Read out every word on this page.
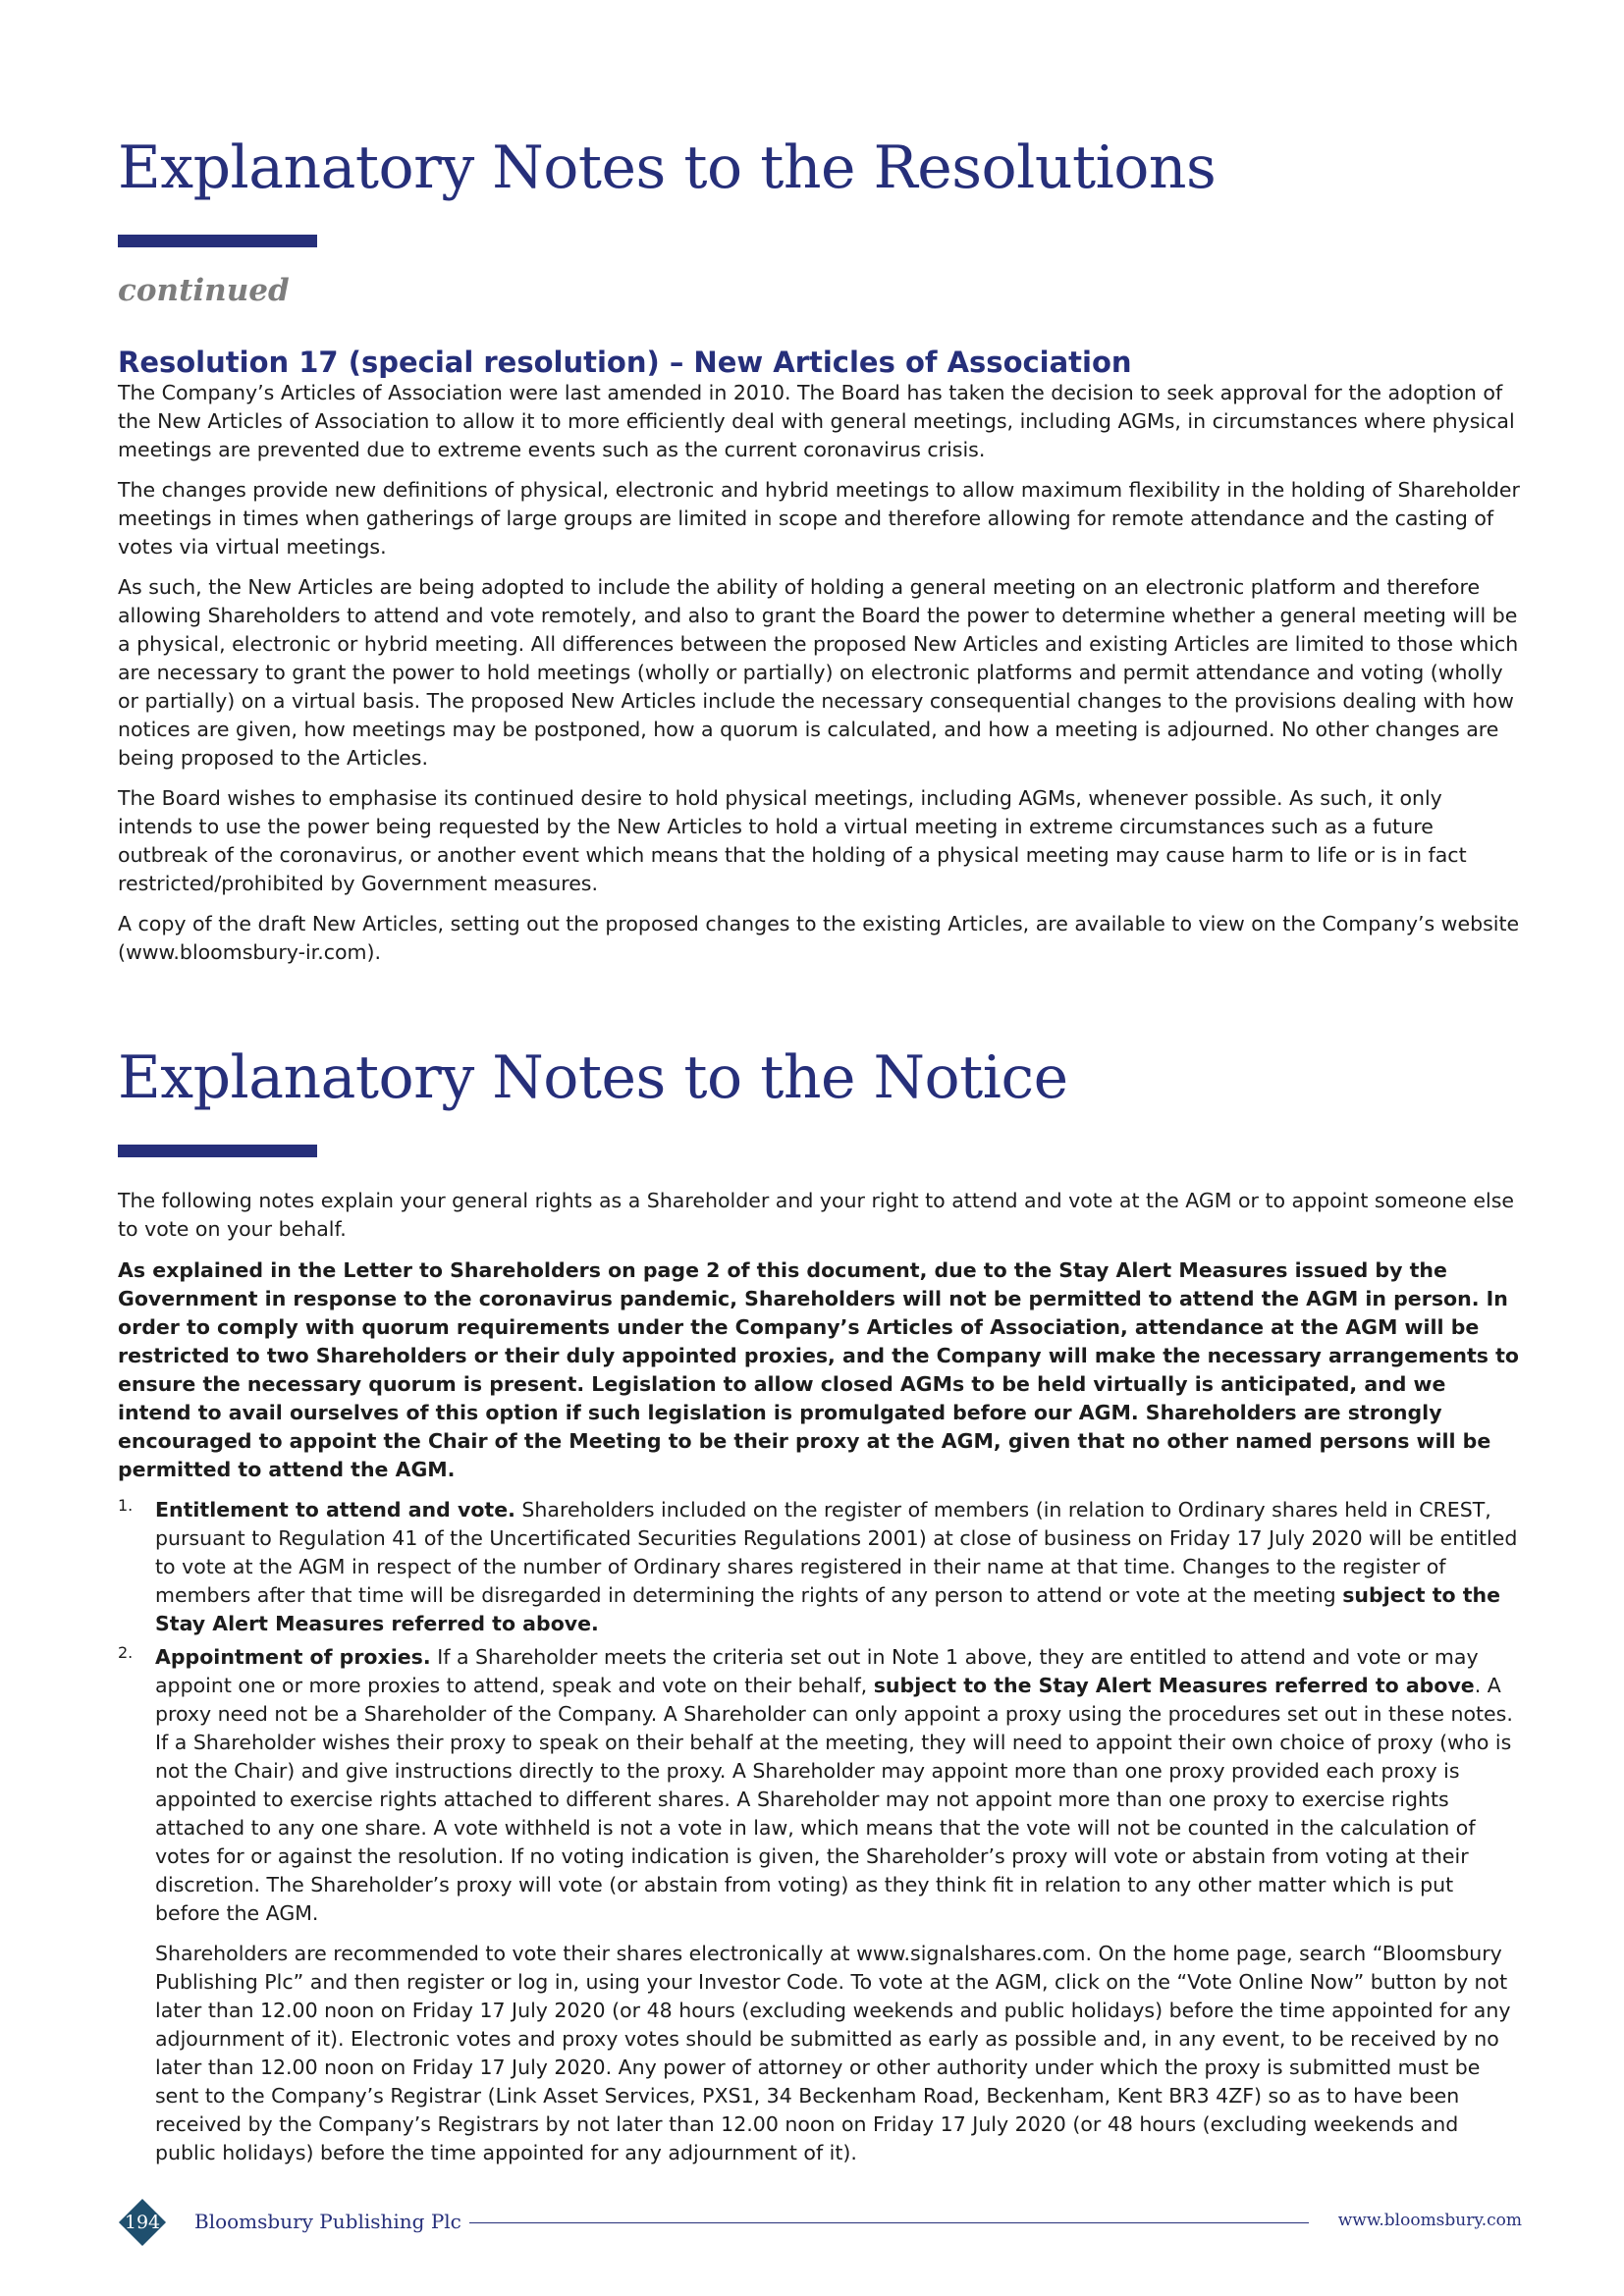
Explanatory Notes to the Resolutions
continued
Resolution 17 (special resolution) – New Articles of Association

The Company’s Articles of Association were last amended in 2010. The Board has taken the decision to seek approval for the adoption of the New Articles of Association to allow it to more efficiently deal with general meetings, including AGMs, in circumstances where physical meetings are prevented due to extreme events such as the current coronavirus crisis.

The changes provide new definitions of physical, electronic and hybrid meetings to allow maximum flexibility in the holding of Shareholder meetings in times when gatherings of large groups are limited in scope and therefore allowing for remote attendance and the casting of votes via virtual meetings.

As such, the New Articles are being adopted to include the ability of holding a general meeting on an electronic platform and therefore allowing Shareholders to attend and vote remotely, and also to grant the Board the power to determine whether a general meeting will be a physical, electronic or hybrid meeting. All differences between the proposed New Articles and existing Articles are limited to those which are necessary to grant the power to hold meetings (wholly or partially) on electronic platforms and permit attendance and voting (wholly or partially) on a virtual basis. The proposed New Articles include the necessary consequential changes to the provisions dealing with how notices are given, how meetings may be postponed, how a quorum is calculated, and how a meeting is adjourned. No other changes are being proposed to the Articles.

The Board wishes to emphasise its continued desire to hold physical meetings, including AGMs, whenever possible. As such, it only intends to use the power being requested by the New Articles to hold a virtual meeting in extreme circumstances such as a future outbreak of the coronavirus, or another event which means that the holding of a physical meeting may cause harm to life or is in fact restricted/prohibited by Government measures.

A copy of the draft New Articles, setting out the proposed changes to the existing Articles, are available to view on the Company’s website (www.bloomsbury-ir.com).

Explanatory Notes to the Notice

The following notes explain your general rights as a Shareholder and your right to attend and vote at the AGM or to appoint someone else to vote on your behalf.

As explained in the Letter to Shareholders on page 2 of this document, due to the Stay Alert Measures issued by the Government in response to the coronavirus pandemic, Shareholders will not be permitted to attend the AGM in person. In order to comply with quorum requirements under the Company’s Articles of Association, attendance at the AGM will be restricted to two Shareholders or their duly appointed proxies, and the Company will make the necessary arrangements to ensure the necessary quorum is present. Legislation to allow closed AGMs to be held virtually is anticipated, and we intend to avail ourselves of this option if such legislation is promulgated before our AGM. Shareholders are strongly encouraged to appoint the Chair of the Meeting to be their proxy at the AGM, given that no other named persons will be permitted to attend the AGM.

1. Entitlement to attend and vote. Shareholders included on the register of members (in relation to Ordinary shares held in CREST, pursuant to Regulation 41 of the Uncertificated Securities Regulations 2001) at close of business on Friday 17 July 2020 will be entitled to vote at the AGM in respect of the number of Ordinary shares registered in their name at that time. Changes to the register of members after that time will be disregarded in determining the rights of any person to attend or vote at the meeting subject to the Stay Alert Measures referred to above.

2. Appointment of proxies. If a Shareholder meets the criteria set out in Note 1 above, they are entitled to attend and vote or may appoint one or more proxies to attend, speak and vote on their behalf, subject to the Stay Alert Measures referred to above. A proxy need not be a Shareholder of the Company. A Shareholder can only appoint a proxy using the procedures set out in these notes. If a Shareholder wishes their proxy to speak on their behalf at the meeting, they will need to appoint their own choice of proxy (who is not the Chair) and give instructions directly to the proxy. A Shareholder may appoint more than one proxy provided each proxy is appointed to exercise rights attached to different shares. A Shareholder may not appoint more than one proxy to exercise rights attached to any one share. A vote withheld is not a vote in law, which means that the vote will not be counted in the calculation of votes for or against the resolution. If no voting indication is given, the Shareholder’s proxy will vote or abstain from voting at their discretion. The Shareholder’s proxy will vote (or abstain from voting) as they think fit in relation to any other matter which is put before the AGM.

Shareholders are recommended to vote their shares electronically at www.signalshares.com. On the home page, search “Bloomsbury Publishing Plc” and then register or log in, using your Investor Code. To vote at the AGM, click on the “Vote Online Now” button by not later than 12.00 noon on Friday 17 July 2020 (or 48 hours (excluding weekends and public holidays) before the time appointed for any adjournment of it). Electronic votes and proxy votes should be submitted as early as possible and, in any event, to be received by no later than 12.00 noon on Friday 17 July 2020. Any power of attorney or other authority under which the proxy is submitted must be sent to the Company’s Registrar (Link Asset Services, PXS1, 34 Beckenham Road, Beckenham, Kent BR3 4ZF) so as to have been received by the Company’s Registrars by not later than 12.00 noon on Friday 17 July 2020 (or 48 hours (excluding weekends and public holidays) before the time appointed for any adjournment of it).

194	Bloomsbury Publishing Plc	www.bloomsbury.com
